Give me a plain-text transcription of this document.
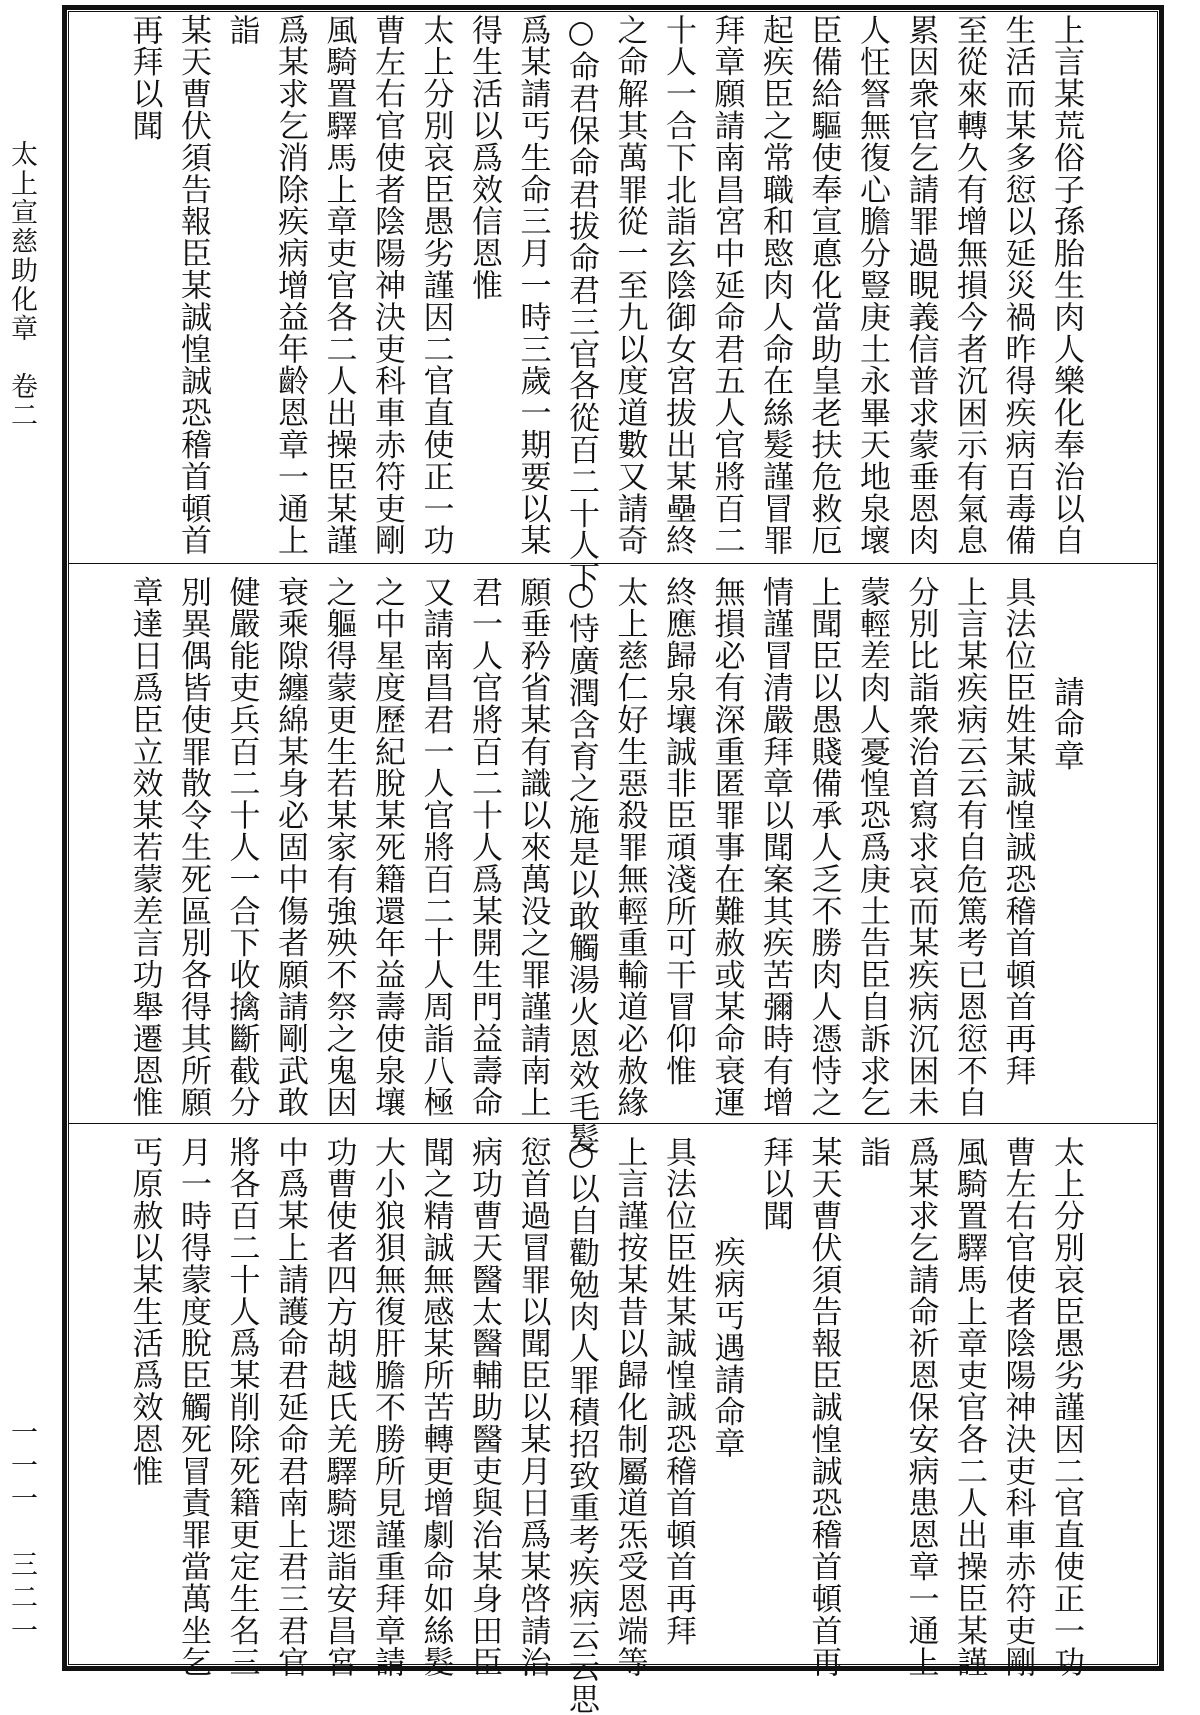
太上宣慈助化章　卷二
一一一　三二一
上言某荒俗子孫胎生肉人樂化奉治以自
生活而某多愆以延災禍昨得疾病百毒備
至從來轉久有增無損今者沉困示有氣息
累因衆官乞請罪過睍義信普求蒙垂恩肉
人忹詧無復心膽分豎庚土永畢天地泉壞
臣備給驅使奉宣悳化當助皇老扶危救厄
起疾臣之常職和愍肉人命在絲髮謹冒罪
拜章願請南昌宮中延命君五人官將百二
十人一合下北詣玄陰御女宮拔出某壘終
之命解其萬罪從一至九以度道數又請奇
○命君保命君拔命君三官各從百二十人下
爲某請丐生命三月一時三歲一期要以某
得生活以爲效信恩惟
太上分別哀臣愚劣謹因二官直使正一功
曹左右官使者陰陽神決吏科車赤符吏剛
風騎置驛馬上章吏官各二人出操臣某謹
爲某求乞消除疾病增益年齡恩章一通上
詣
某天曹伏須告報臣某誠惶誠恐稽首頓首
再拜以聞
請命章
具法位臣姓某誠惶誠恐稽首頓首再拜
上言某疾病云云有自危篤考已恩愆不自
分別比詣衆治首寫求哀而某疾病沉困未
蒙輕差肉人憂惶恐爲庚土告臣自訴求乞
上聞臣以愚賤備承人乏不勝肉人憑恃之
情謹冒清嚴拜章以聞案其疾苦彌時有增
無損必有深重匿罪事在難赦或某命衰運
終應歸泉壤誠非臣頑淺所可干冒仰惟
太上慈仁好生惡殺罪無輕重輸道必赦緣
○恃廣潤含育之施是以敢觸湯火恩效毛髮
願垂矜省某有識以來萬没之罪謹請南上
君一人官將百二十人爲某開生門益壽命
又請南昌君一人官將百二十人周詣八極
之中星度歷紀脫某死籍還年益壽使泉壤
之軀得蒙更生若某家有強殃不祭之鬼因
衰乘隙纏綿某身必固中傷者願請剛武敢
健嚴能吏兵百二十人一合下收擒斷截分
別異偶皆使罪散令生死區別各得其所願
章達日爲臣立效某若蒙差言功舉遷恩惟
太上分別哀臣愚劣謹因二官直使正一功
曹左右官使者陰陽神決吏科車赤符吏剛
風騎置驛馬上章吏官各二人出操臣某謹
爲某求乞請命祈恩保安病患恩章一通上
詣
某天曹伏須告報臣誠惶誠恐稽首頓首再
拜以聞
疾病丐遇請命章
具法位臣姓某誠惶誠恐稽首頓首再拜
上言謹按某昔以歸化制屬道炁受恩端等
○以自勸勉肉人罪積招致重考疾病云云思
愆首過冒罪以聞臣以某月日爲某啓請治
病功曹天醫太醫輔助醫吏與治某身田臣
聞之精誠無感某所苦轉更增劇命如絲髮
大小狼狽無復肝膽不勝所見謹重拜章請
功曹使者四方胡越氏羌驛騎遝詣安昌宮
中爲某上請護命君延命君南上君三君官
將各百二十人爲某削除死籍更定生名三
月一時得蒙度脫臣觸死冒責罪當萬坐乞
丐原赦以某生活爲效恩惟
